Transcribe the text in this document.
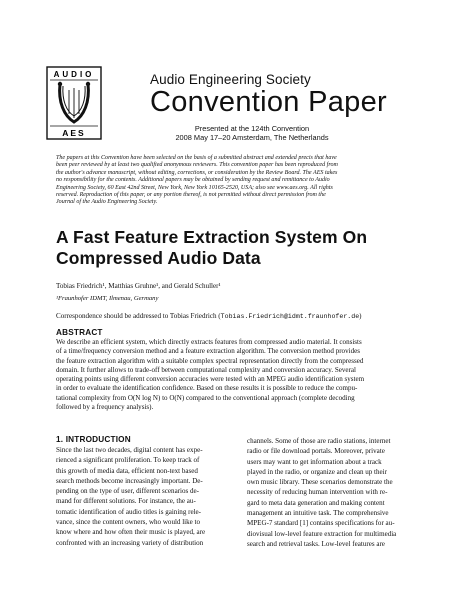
AUDIO
AES
Audio Engineering Society
Convention Paper
Presented at the 124th Convention
2008 May 17–20 Amsterdam, The Netherlands
The papers at this Convention have been selected on the basis of a submitted abstract and extended precis that have
been peer reviewed by at least two qualified anonymous reviewers. This convention paper has been reproduced from
the author's advance manuscript, without editing, corrections, or consideration by the Review Board. The AES takes
no responsibility for the contents. Additional papers may be obtained by sending request and remittance to Audio
Engineering Society, 60 East 42nd Street, New York, New York 10165-2520, USA; also see www.aes.org. All rights
reserved. Reproduction of this paper, or any portion thereof, is not permitted without direct permission from the
Journal of the Audio Engineering Society.
A Fast Feature Extraction System On
Compressed Audio Data
Tobias Friedrich¹, Matthias Gruhne¹, and Gerald Schuller¹
¹Fraunhofer IDMT, Ilmenau, Germany
Correspondence should be addressed to Tobias Friedrich (Tobias.Friedrich@idmt.fraunhofer.de)
ABSTRACT
We describe an efficient system, which directly extracts features from compressed audio material. It consists
of a time/frequency conversion method and a feature extraction algorithm. The conversion method provides
the feature extraction algorithm with a suitable complex spectral representation directly from the compressed
domain. It further allows to trade-off between computational complexity and conversion accuracy. Several
operating points using different conversion accuracies were tested with an MPEG audio identification system
in order to evaluate the identification confidence. Based on these results it is possible to reduce the compu-
tational complexity from O(N log N) to O(N) compared to the conventional approach (complete decoding
followed by a frequency analysis).
1. INTRODUCTION
Since the last two decades, digital content has expe-
rienced a significant proliferation. To keep track of
this growth of media data, efficient non-text based
search methods become increasingly important. De-
pending on the type of user, different scenarios de-
mand for different solutions. For instance, the au-
tomatic identification of audio titles is gaining rele-
vance, since the content owners, who would like to
know where and how often their music is played, are
confronted with an increasing variety of distribution
channels. Some of those are radio stations, internet
radio or file download portals. Moreover, private
users may want to get information about a track
played in the radio, or organize and clean up their
own music library. These scenarios demonstrate the
necessity of reducing human intervention with re-
gard to meta data generation and making content
management an intuitive task. The comprehensive
MPEG-7 standard [1] contains specifications for au-
diovisual low-level feature extraction for multimedia
search and retrieval tasks. Low-level features are
